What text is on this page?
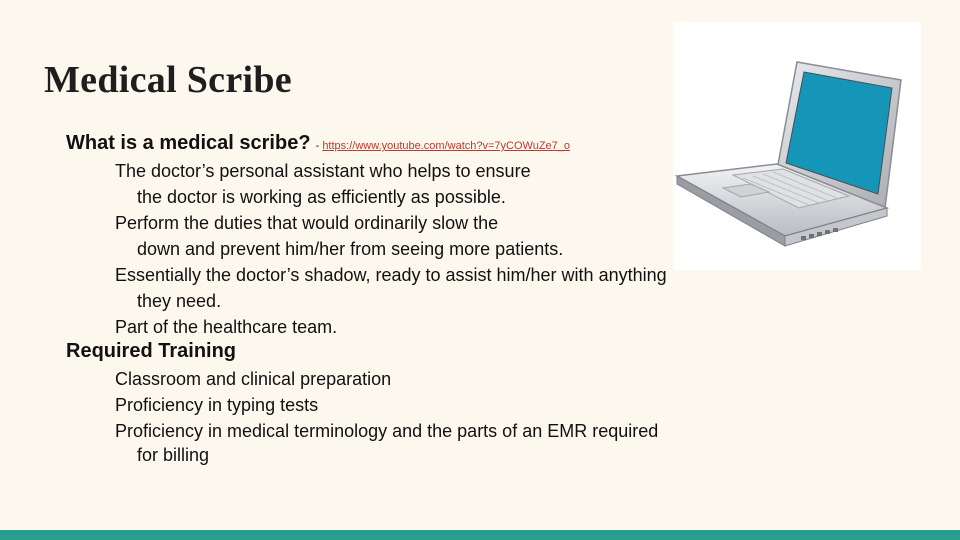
Medical Scribe
What is a medical scribe? - https://www.youtube.com/watch?v=7yCOWuZe7_o
The doctor’s personal assistant who helps to ensure
the doctor is working as efficiently as possible.
Perform the duties that would ordinarily slow the
down and prevent him/her from seeing more patients.
Essentially the doctor’s shadow, ready to assist him/her with anything
they need.
Part of the healthcare team.
Required Training
Classroom and clinical preparation
Proficiency in typing tests
Proficiency in medical terminology and the parts of an EMR required
for billing
